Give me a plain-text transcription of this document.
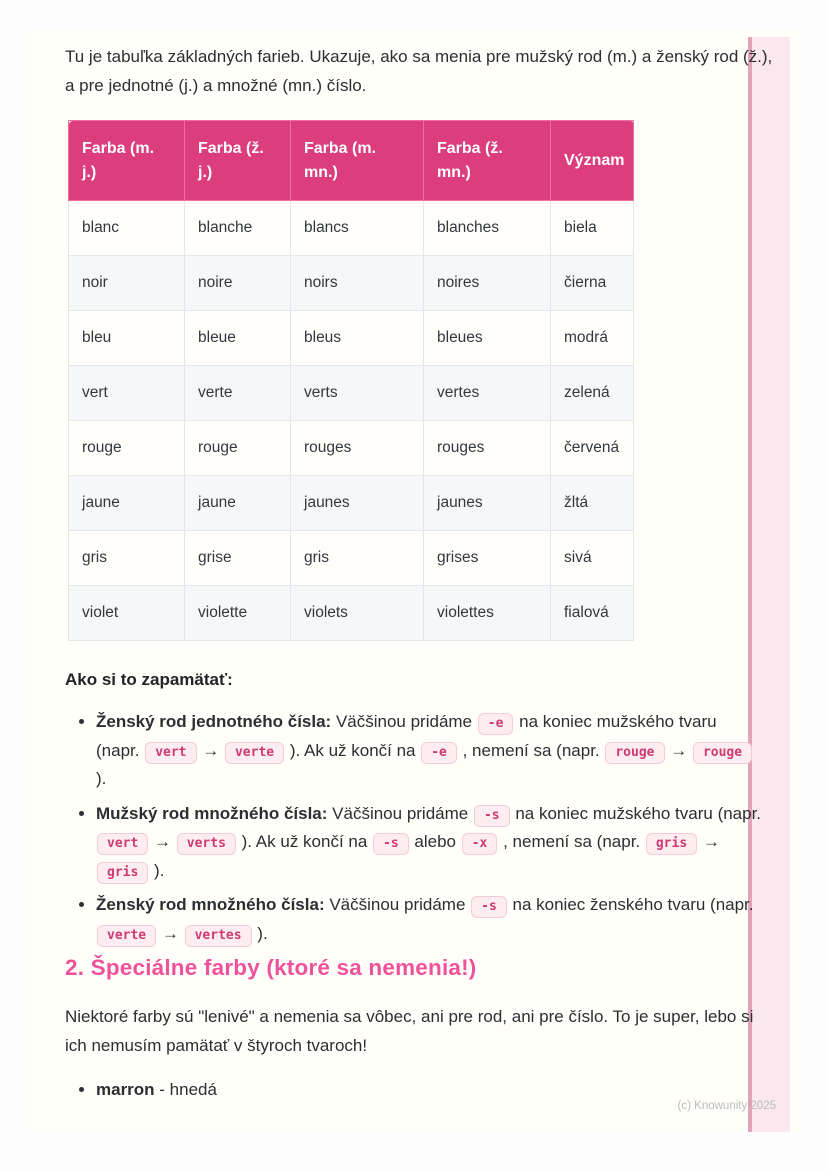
Tu je tabuľka základných farieb. Ukazuje, ako sa menia pre mužský rod (m.) a ženský rod (ž.), a pre jednotné (j.) a množné (mn.) číslo.

Farba (m. j.)	Farba (ž. j.)	Farba (m. mn.)	Farba (ž. mn.)	Význam
blanc	blanche	blancs	blanches	biela
noir	noire	noirs	noires	čierna
bleu	bleue	bleus	bleues	modrá
vert	verte	verts	vertes	zelená
rouge	rouge	rouges	rouges	červená
jaune	jaune	jaunes	jaunes	žltá
gris	grise	gris	grises	sivá
violet	violette	violets	violettes	fialová
Ako si to zapamätať:
• Ženský rod jednotného čísla: Väčšinou pridáme -e na koniec mužského tvaru (napr. vert → verte ). Ak už končí na -e , nemení sa (napr. rouge → rouge ).
• Mužský rod množného čísla: Väčšinou pridáme -s na koniec mužského tvaru (napr. vert → verts ). Ak už končí na -s alebo -x , nemení sa (napr. gris → gris ).
• Ženský rod množného čísla: Väčšinou pridáme -s na koniec ženského tvaru (napr. verte → vertes ).
2. Špeciálne farby (ktoré sa nemenia!)

Niektoré farby sú "lenivé" a nemenia sa vôbec, ani pre rod, ani pre číslo. To je super, lebo si ich nemusím pamätať v štyroch tvaroch!

• marron - hnedá
(c) Knowunity 2025
